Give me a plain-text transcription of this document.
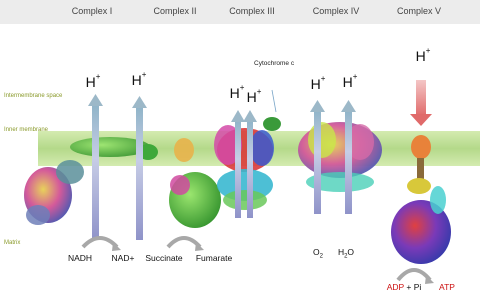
Complex I	Complex II	Complex III	Complex IV	Complex V
Intermembrane space
Inner membrane
Matrix
H+ H+
H+
H+	H+ H+
H+
Cytochrome c
NADH NAD+ Succinate Fumarate
$O_2$ $H_2O$
ADP + Pi ATP
